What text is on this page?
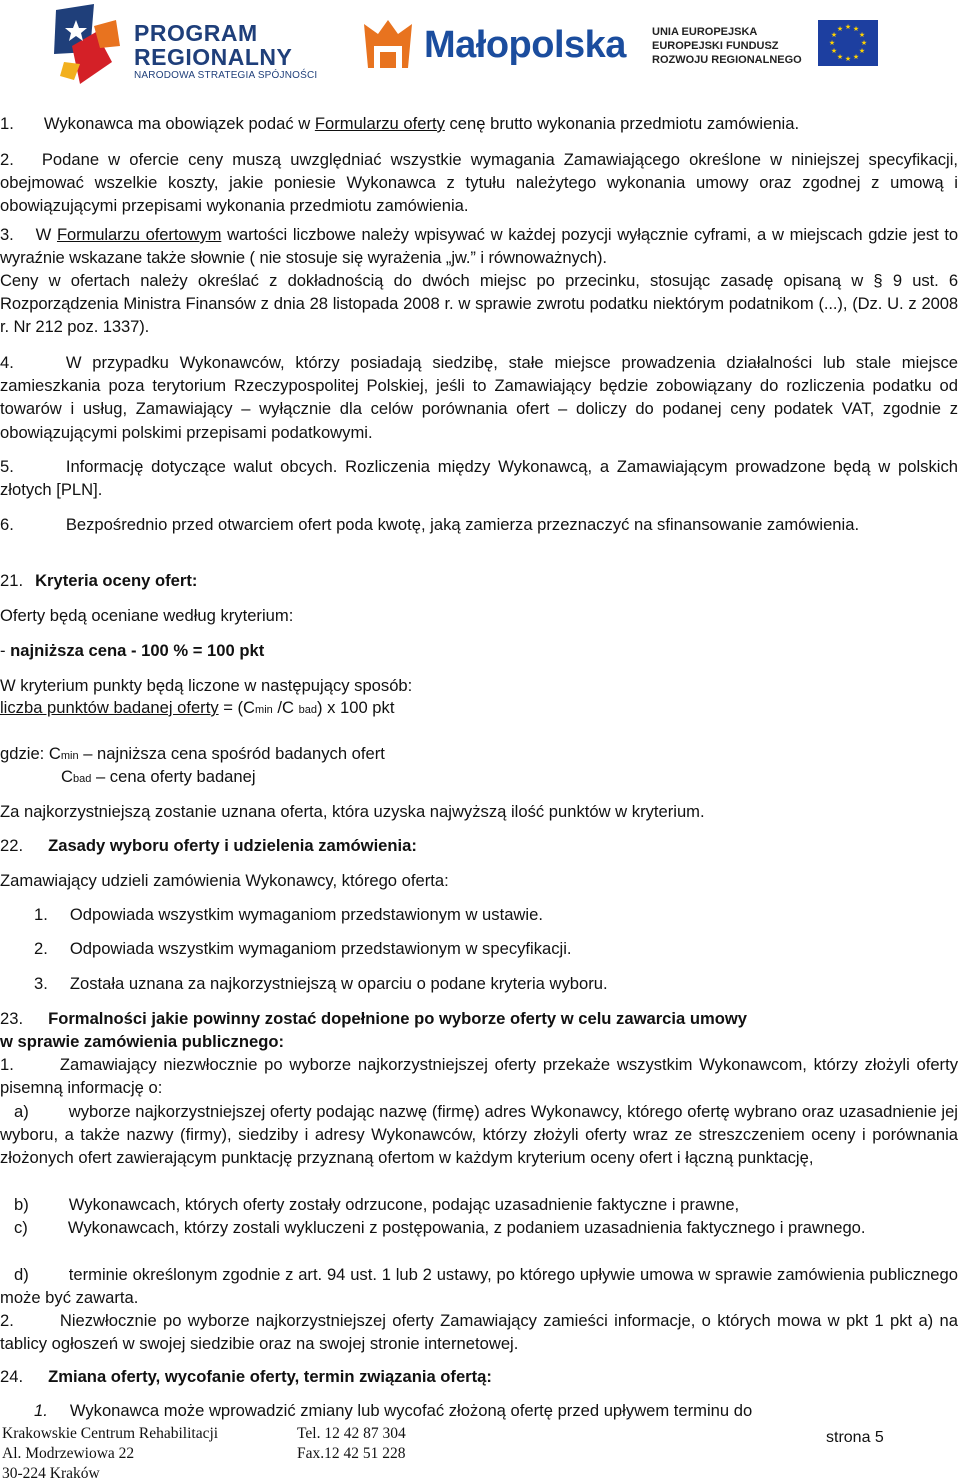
PROGRAM
REGIONALNY
NARODOWA STRATEGIA SPÓJNOŚCI
Małopolska UNIA EUROPEJSKA
EUROPEJSKI FUNDUSZ
ROZWOJU REGIONALNEGO
★ ★
★
★
★
★
★
★
★
★
★
★
1. Wykonawca ma obowiązek podać w Formularzu oferty cenę brutto wykonania przedmiotu zamówienia.
2. Podane w ofercie ceny muszą uwzględniać wszystkie wymagania Zamawiającego określone w niniejszej specyfikacji, obejmować wszelkie koszty, jakie poniesie Wykonawca z tytułu należytego wykonania umowy oraz zgodnej z umową i obowiązującymi przepisami wykonania przedmiotu zamówienia.
3. W Formularzu ofertowym wartości liczbowe należy wpisywać w każdej pozycji wyłącznie cyframi, a w miejscach gdzie jest to wyraźnie wskazane także słownie ( nie stosuje się wyrażenia „jw.” i równoważnych).
Ceny w ofertach należy określać z dokładnością do dwóch miejsc po przecinku, stosując zasadę opisaną w § 9 ust. 6 Rozporządzenia Ministra Finansów z dnia 28 listopada 2008 r. w sprawie zwrotu podatku niektórym podatnikom (...), (Dz. U. z 2008 r. Nr 212 poz. 1337).
4.	W przypadku Wykonawców, którzy posiadają siedzibę, stałe miejsce prowadzenia działalności lub stale miejsce zamieszkania poza terytorium Rzeczypospolitej Polskiej, jeśli to Zamawiający będzie zobowiązany do rozliczenia podatku od towarów i usług, Zamawiający – wyłącznie dla celów porównania ofert – doliczy do podanej ceny podatek VAT, zgodnie z obowiązującymi polskimi przepisami podatkowymi.
5.	Informację dotyczące walut obcych. Rozliczenia między Wykonawcą, a Zamawiającym prowadzone będą w polskich złotych [PLN].
6.	Bezpośrednio przed otwarciem ofert poda kwotę, jaką zamierza przeznaczyć na sfinansowanie zamówienia.
21. Kryteria oceny ofert:
Oferty będą oceniane według kryterium:
- najniższa cena - 100 % = 100 pkt
W kryterium punkty będą liczone w następujący sposób:
liczba punktów badanej oferty = (Cmin /C bad) x 100 pkt
gdzie: Cmin – najniższa cena spośród badanych ofert
Cbad – cena oferty badanej
Za najkorzystniejszą zostanie uznana oferta, która uzyska najwyższą ilość punktów w kryterium.
22. Zasady wyboru oferty i udzielenia zamówienia:
Zamawiający udzieli zamówienia Wykonawcy, którego oferta:
1. Odpowiada wszystkim wymaganiom przedstawionym w ustawie.
2. Odpowiada wszystkim wymaganiom przedstawionym w specyfikacji.
3. Została uznana za najkorzystniejszą w oparciu o podane kryteria wyboru.
23. Formalności jakie powinny zostać dopełnione po wyborze oferty w celu zawarcia umowy
w sprawie zamówienia publicznego:
1.	Zamawiający niezwłocznie po wyborze najkorzystniejszej oferty przekaże wszystkim Wykonawcom, którzy złożyli oferty pisemną informację o:
a) wyborze najkorzystniejszej oferty podając nazwę (firmę) adres Wykonawcy, którego ofertę wybrano oraz uzasadnienie jej wyboru, a także nazwy (firmy), siedziby i adresy Wykonawców, którzy złożyli oferty wraz ze streszczeniem oceny i porównania złożonych ofert zawierającym punktację przyznaną ofertom w każdym kryterium oceny ofert i łączną punktację,
b) Wykonawcach, których oferty zostały odrzucone, podając uzasadnienie faktyczne i prawne,
c) Wykonawcach, którzy zostali wykluczeni z postępowania, z podaniem uzasadnienia faktycznego i prawnego.
d) terminie określonym zgodnie z art. 94 ust. 1 lub 2 ustawy, po którego upływie umowa w sprawie zamówienia publicznego może być zawarta.
2.	Niezwłocznie po wyborze najkorzystniejszej oferty Zamawiający zamieści informacje, o których mowa w pkt 1 pkt a) na tablicy ogłoszeń w swojej siedzibie oraz na swojej stronie internetowej.
24. Zmiana oferty, wycofanie oferty, termin związania ofertą:
1. Wykonawca może wprowadzić zmiany lub wycofać złożoną ofertę przed upływem terminu do
Krakowskie Centrum Rehabilitacji
Al. Modrzewiowa 22
30-224 Kraków
Tel. 12 42 87 304
Fax.12 42 51 228
strona 5
